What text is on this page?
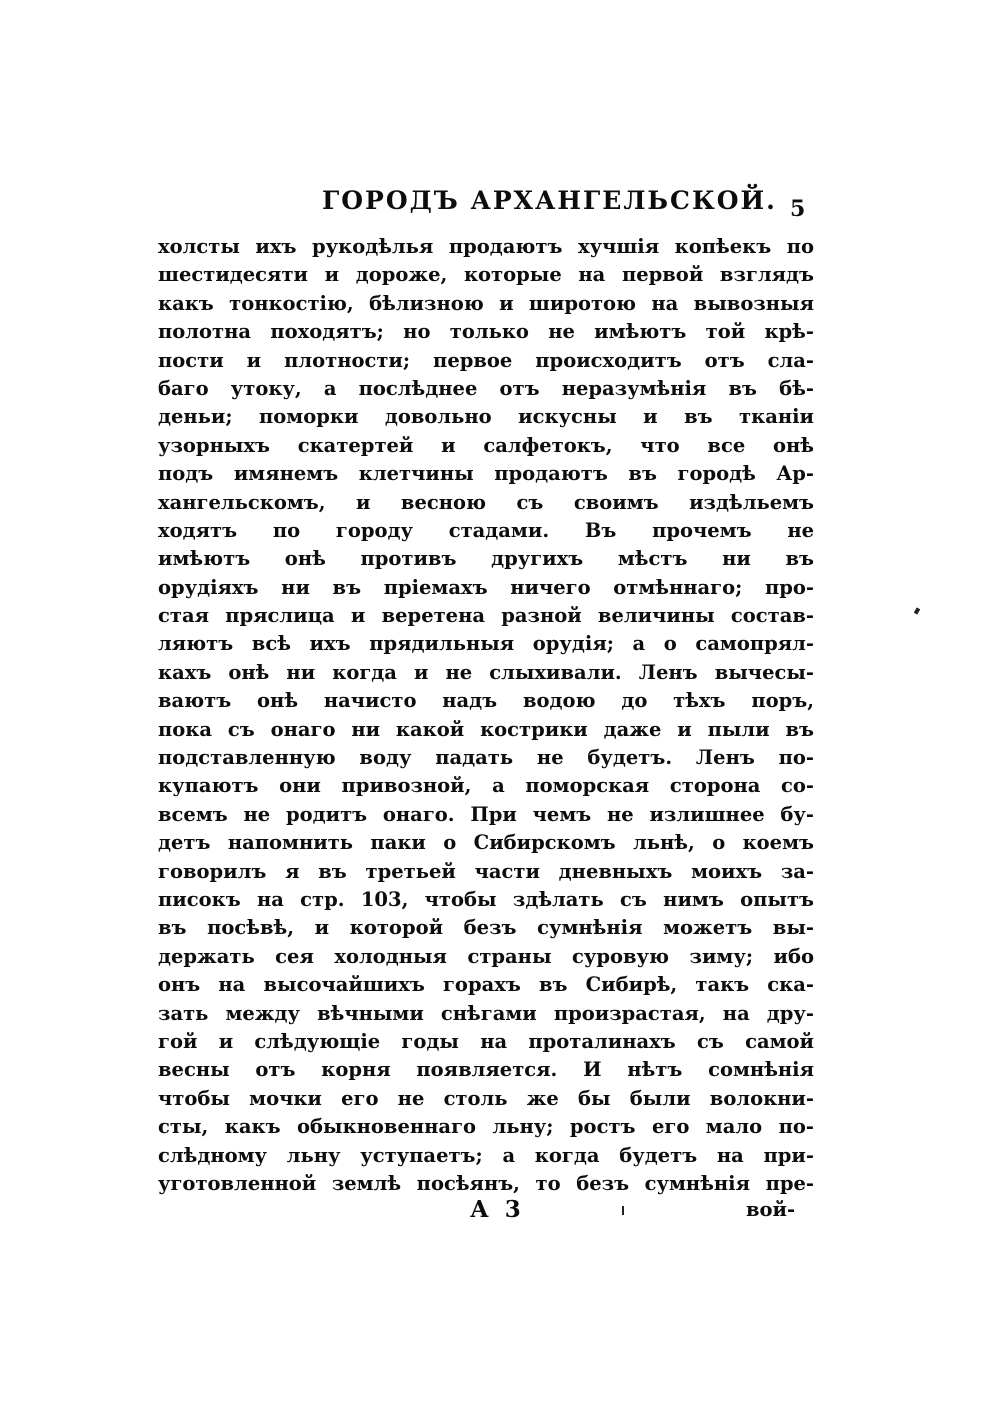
ГОРОДЪ АРХАНГЕЛЬСКОЙ. 5
холсты ихъ рукодѣлья продаютъ хучшія копѣекъ по
шестидесяти и дороже, которые на первой взглядъ
какъ тонкостію, бѣлизною и широтою на вывозныя
полотна походятъ; но только не имѣютъ той крѣ-
пости и плотности; первое происходитъ отъ сла-
баго утоку, а послѣднее отъ неразумѣнія въ бѣ-
деньи; поморки довольно искусны и въ тканіи
узорныхъ скатертей и салфетокъ, что все онѣ
подъ имянемъ клетчины продаютъ въ городѣ Ар-
хангельскомъ, и весною съ своимъ издѣльемъ
ходятъ по городу стадами. Въ прочемъ не
имѣютъ онѣ противъ другихъ мѣстъ ни въ
орудіяхъ ни въ пріемахъ ничего отмѣннаго; про-
стая пряслица и веретена разной величины состав-
ляютъ всѣ ихъ прядильныя орудія; а о самопрял-
кахъ онѣ ни когда и не слыхивали. Ленъ вычесы-
ваютъ онѣ начисто надъ водою до тѣхъ поръ,
пока съ онаго ни какой кострики даже и пыли въ
подставленную воду падать не будетъ. Ленъ по-
купаютъ они привозной, а поморская сторона со-
всемъ не родитъ онаго. При чемъ не излишнее бу-
детъ напомнить паки о Сибирскомъ льнѣ, о коемъ
говорилъ я въ третьей части дневныхъ моихъ за-
писокъ на стр. 103, чтобы здѣлать съ нимъ опытъ
въ посѣвѣ, и которой безъ сумнѣнія можетъ вы-
держать сея холодныя страны суровую зиму; ибо
онъ на высочайшихъ горахъ въ Сибирѣ, такъ ска-
зать между вѣчными снѣгами произрастая, на дру-
гой и слѣдующіе годы на проталинахъ съ самой
весны отъ корня появляется. И нѣтъ сомнѣнія
чтобы мочки его не столь же бы были волокни-
сты, какъ обыкновеннаго льну; ростъ его мало по-
слѣдному льну уступаетъ; а когда будетъ на при-
уготовленной землѣ посѣянъ, то безъ сумнѣнія пре-
А 3	вой-
